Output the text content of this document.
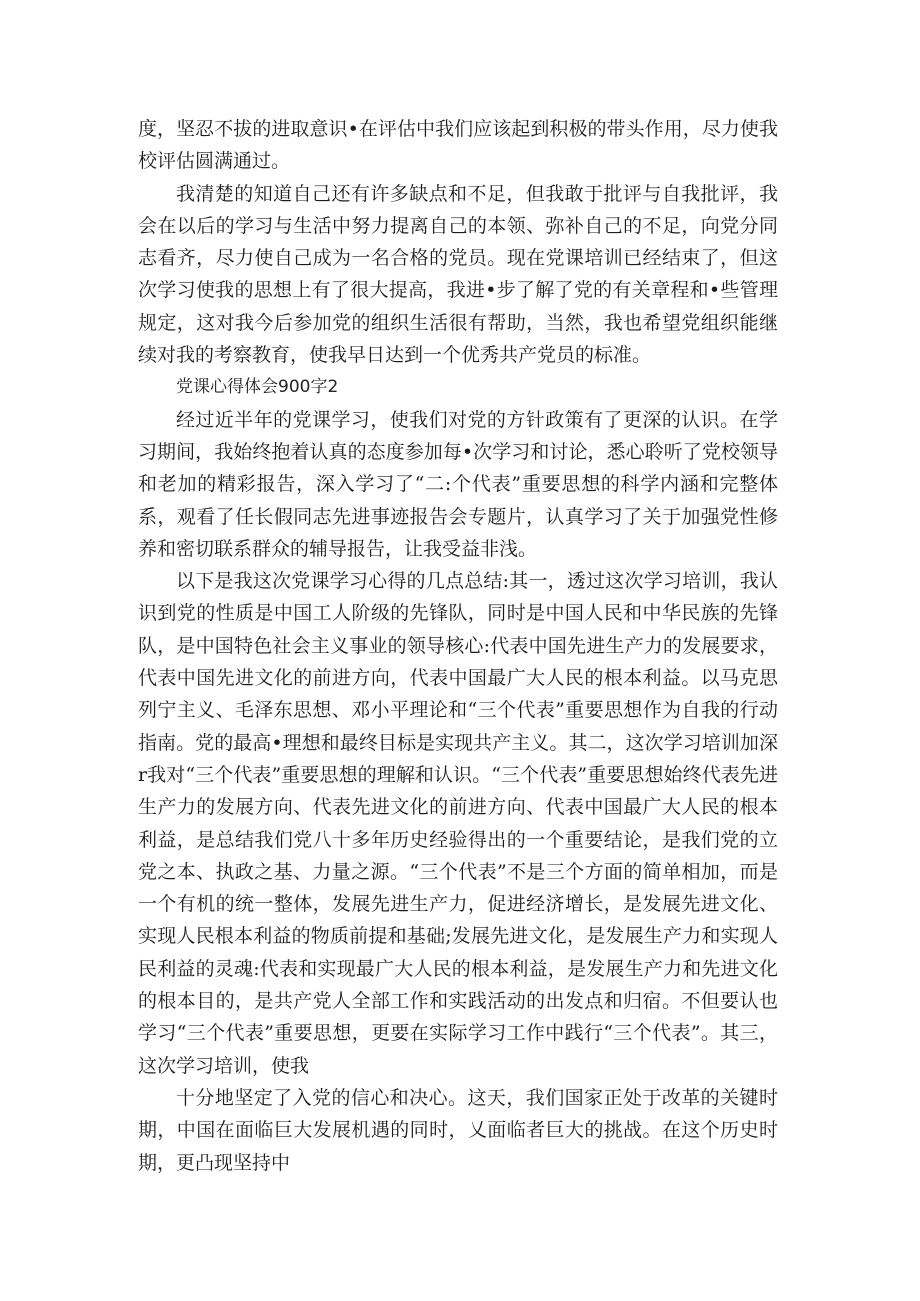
度，坚忍不拔的进取意识•在评估中我们应该起到积极的带头作用，尽力使我校评估圆满通过。

我清楚的知道自己还有许多缺点和不足，但我敢于批评与自我批评，我会在以后的学习与生活中努力提离自己的本领、弥补自己的不足，向党分同志看齐，尽力使自己成为一名合格的党员。现在党课培训已经结束了，但这次学习使我的思想上有了很大提高，我进•步了解了党的有关章程和•些管理规定，这对我今后参加党的组织生活很有帮助，当然，我也希望党组织能继续对我的考察教育，使我早日达到一个优秀共产党员的标准。

党课心得体会900字2

经过近半年的党课学习，使我们对党的方针政策有了更深的认识。在学习期间，我始终抱着认真的态度参加每•次学习和讨论，悉心聆听了党校领导和老加的精彩报告，深入学习了“二:个代表”重要思想的科学内涵和完整体系，观看了任长假同志先进事迹报告会专题片，认真学习了关于加强党性修养和密切联系群众的辅导报告，让我受益非浅。

以下是我这次党课学习心得的几点总结:其一，透过这次学习培训，我认识到党的性质是中国工人阶级的先锋队，同时是中国人民和中华民族的先锋队，是中国特色社会主义事业的领导核心:代表中国先进生产力的发展要求，代表中国先进文化的前进方向，代表中国最广大人民的根本利益。以马克思列宁主义、毛泽东思想、邓小平理论和“三个代表”重要思想作为自我的行动指南。党的最高•理想和最终目标是实现共产主义。其二，这次学习培训加深r我对“三个代表”重要思想的理解和认识。“三个代表”重要思想始终代表先进生产力的发展方向、代表先进文化的前进方向、代表中国最广大人民的根本利益，是总结我们党八十多年历史经验得出的一个重要结论，是我们党的立党之本、执政之基、力量之源。“三个代表”不是三个方面的简单相加，而是一个有机的统一整体，发展先进生产力，促进经济增长，是发展先进文化、实现人民根本利益的物质前提和基础;发展先进文化，是发展生产力和实现人民利益的灵魂:代表和实现最广大人民的根本利益，是发展生产力和先进文化的根本目的，是共产党人全部工作和实践活动的出发点和归宿。不但要认也学习“三个代表”重要思想，更要在实际学习工作中践行“三个代表”。其三，这次学习培训，使我

十分地坚定了入党的信心和决心。这天，我们国家正处于改革的关键时期，中国在面临巨大发展机遇的同时，乂面临者巨大的挑战。在这个历史时期，更凸现坚持中
